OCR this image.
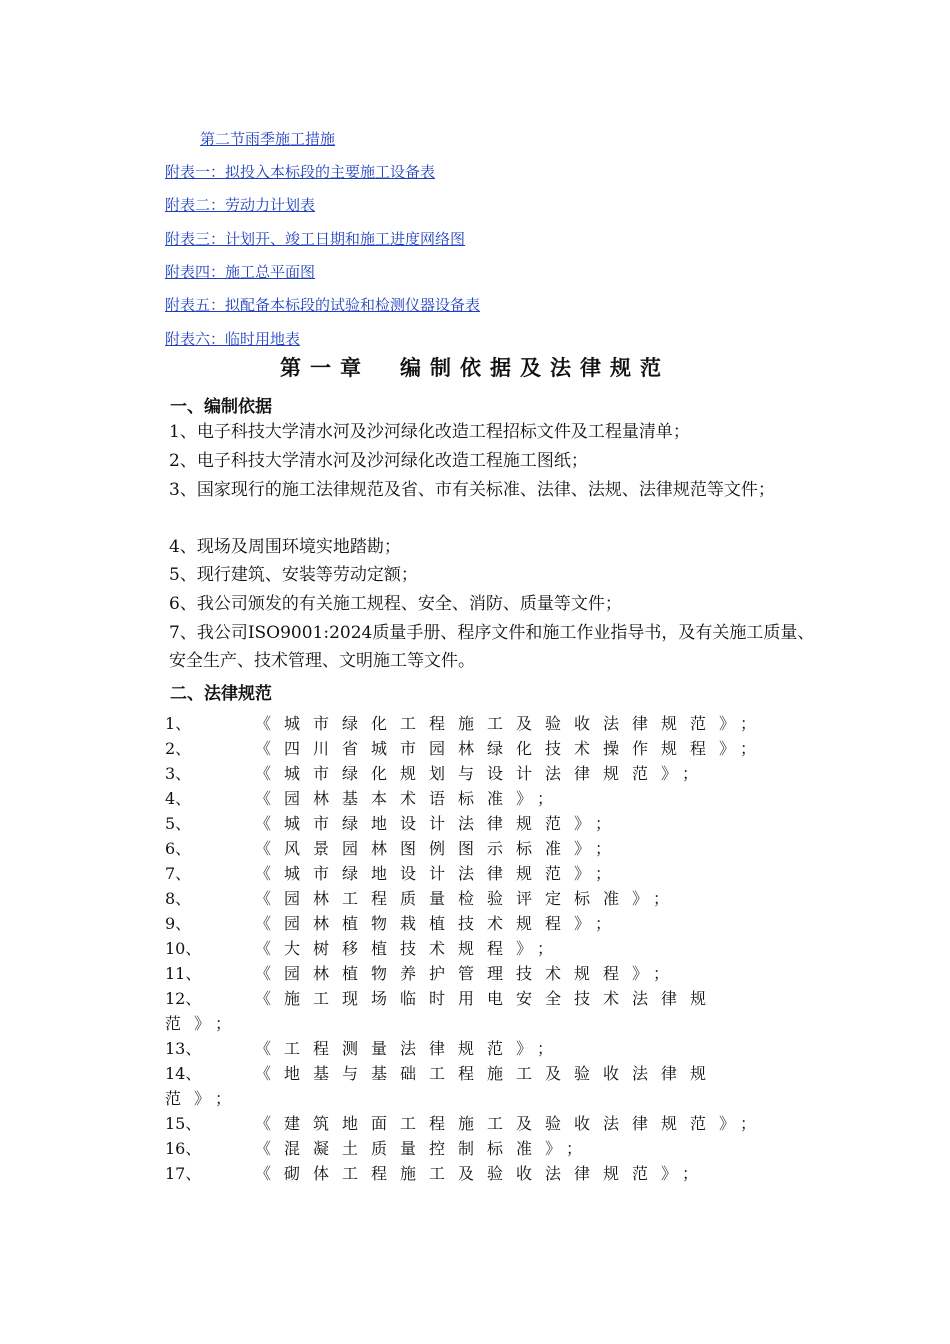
第二节雨季施工措施
附表一：拟投入本标段的主要施工设备表
附表二：劳动力计划表
附表三：计划开、竣工日期和施工进度网络图
附表四：施工总平面图
附表五：拟配备本标段的试验和检测仪器设备表
附表六：临时用地表
第一章　编制依据及法律规范
一、编制依据
1、电子科技大学清水河及沙河绿化改造工程招标文件及工程量清单；
2、电子科技大学清水河及沙河绿化改造工程施工图纸；
3、国家现行的施工法律规范及省、市有关标准、法律、法规、法律规范等文件；
4、现场及周围环境实地踏勘；
5、现行建筑、安装等劳动定额；
6、我公司颁发的有关施工规程、安全、消防、质量等文件；
7、我公司ISO9001:2024质量手册、程序文件和施工作业指导书，及有关施工质量、安全生产、技术管理、文明施工等文件。
二、法律规范
1、	《城市绿化工程施工及验收法律规范》；
2、	《四川省城市园林绿化技术操作规程》；
3、	《城市绿化规划与设计法律规范》；
4、	《园林基本术语标准》；
5、	《城市绿地设计法律规范》；
6、	《风景园林图例图示标准》；
7、	《城市绿地设计法律规范》；
8、	《园林工程质量检验评定标准》；
9、	《园林植物栽植技术规程》；
10、	《大树移植技术规程》；
11、	《园林植物养护管理技术规程》；
12、	《施工现场临时用电安全技术法律规
范》；
13、	《工程测量法律规范》；
14、	《地基与基础工程施工及验收法律规
范》；
15、	《建筑地面工程施工及验收法律规范》；
16、	《混凝土质量控制标准》；
17、	《砌体工程施工及验收法律规范》；
